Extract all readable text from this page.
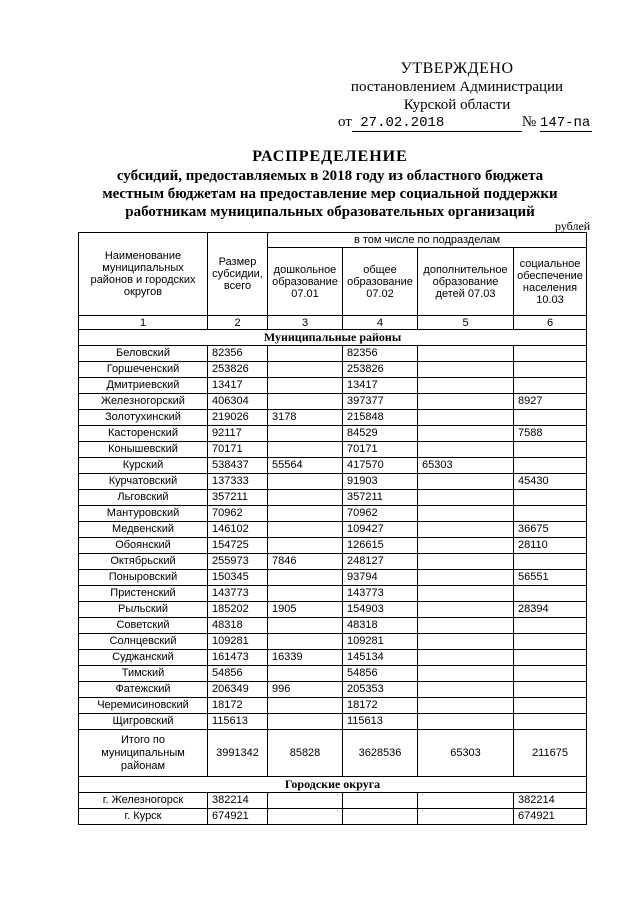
УТВЕРЖДЕНО
постановлением Администрации
Курской области
от 27.02.2018	№ 147-па
РАСПРЕДЕЛЕНИЕ
субсидий, предоставляемых в 2018 году из областного бюджета
местным бюджетам на предоставление мер социальной поддержки
работникам муниципальных образовательных организаций
рублей
Наименование муниципальных районов и городских округов	Размер субсидии, всего	в том числе по подразделам			
		дошкольное образование 07.01	общее образование 07.02	дополнительное образование детей 07.03	социальное обеспечение населения 10.03
1	2	3	4	5	6
Муниципальные районы					
Беловский	82356		82356		
Горшеченский	253826		253826		
Дмитриевский	13417		13417		
Железногорский	406304		397377		8927
Золотухинский	219026	3178	215848		
Касторенский	92117		84529		7588
Конышевский	70171		70171		
Курский	538437	55564	417570	65303	
Курчатовский	137333		91903		45430
Льговский	357211		357211		
Мантуровский	70962		70962		
Медвенский	146102		109427		36675
Обоянский	154725		126615		28110
Октябрьский	255973	7846	248127		
Поныровский	150345		93794		56551
Пристенский	143773		143773		
Рыльский	185202	1905	154903		28394
Советский	48318		48318		
Солнцевский	109281		109281		
Суджанский	161473	16339	145134		
Тимский	54856		54856		
Фатежский	206349	996	205353		
Черемисиновский	18172		18172		
Щигровский	115613		115613		
Итого по муниципальным районам	3991342	85828	3628536	65303	211675
Городские округа					
г. Железногорск	382214				382214
г. Курск	674921				674921
